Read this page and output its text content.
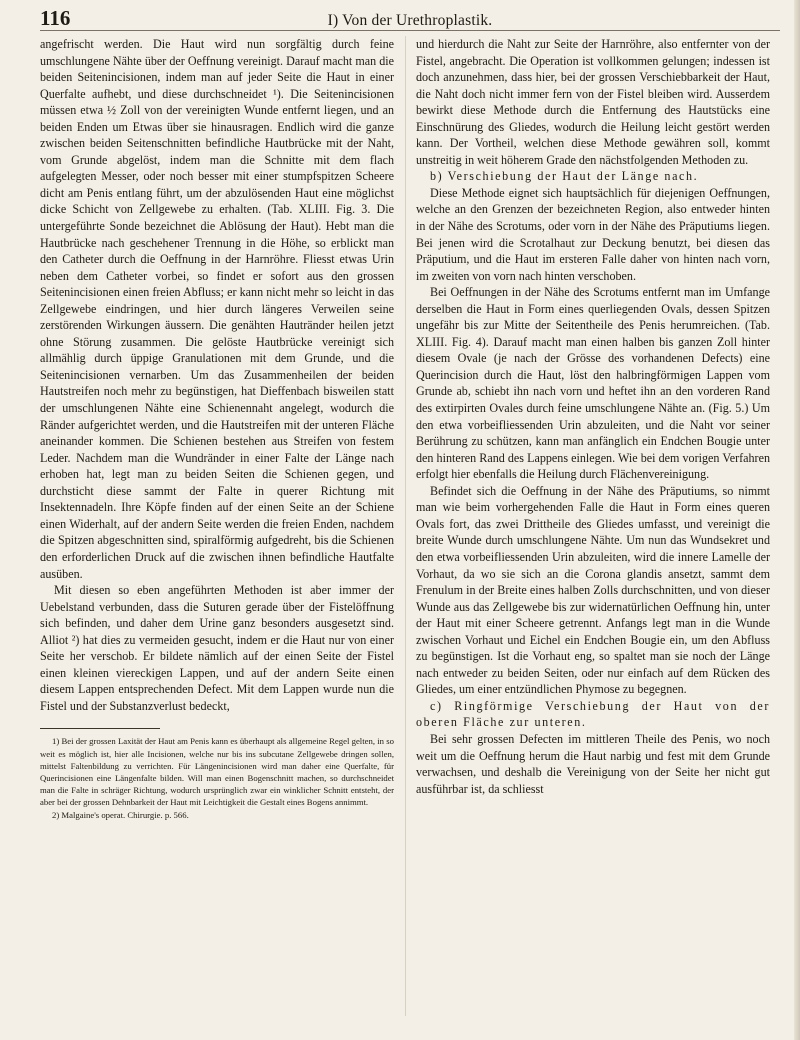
116	I) Von der Urethroplastik.

angefrischt werden. Die Haut wird nun sorgfältig durch feine umschlungene Nähte über der Oeffnung vereinigt. Darauf macht man die beiden Seitenincisionen, indem man auf jeder Seite die Haut in einer Querfalte aufhebt, und diese durchschneidet ¹). Die Seitenincisionen müssen etwa ½ Zoll von der vereinigten Wunde entfernt liegen, und an beiden Enden um Etwas über sie hinausragen. Endlich wird die ganze zwischen beiden Seitenschnitten befindliche Hautbrücke mit der Naht, vom Grunde abgelöst, indem man die Schnitte mit dem flach aufgelegten Messer, oder noch besser mit einer stumpfspitzen Scheere dicht am Penis entlang führt, um der abzulösenden Haut eine möglichst dicke Schicht von Zellgewebe zu erhalten. (Tab. XLIII. Fig. 3. Die untergeführte Sonde bezeichnet die Ablösung der Haut). Hebt man die Hautbrücke nach geschehener Trennung in die Höhe, so erblickt man den Catheter durch die Oeffnung in der Harnröhre. Fliesst etwas Urin neben dem Catheter vorbei, so findet er sofort aus den grossen Seitenincisionen einen freien Abfluss; er kann nicht mehr so leicht in das Zellgewebe eindringen, und hier durch längeres Verweilen seine zerstörenden Wirkungen äussern. Die genähten Hautränder heilen jetzt ohne Störung zusammen. Die gelöste Hautbrücke vereinigt sich allmählig durch üppige Granulationen mit dem Grunde, und die Seitenincisionen vernarben. Um das Zusammenheilen der beiden Hautstreifen noch mehr zu begünstigen, hat Dieffenbach bisweilen statt der umschlungenen Nähte eine Schienennaht angelegt, wodurch die Ränder aufgerichtet werden, und die Hautstreifen mit der unteren Fläche aneinander kommen. Die Schienen bestehen aus Streifen von festem Leder. Nachdem man die Wundränder in einer Falte der Länge nach erhoben hat, legt man zu beiden Seiten die Schienen gegen, und durchsticht diese sammt der Falte in querer Richtung mit Insektennadeln. Ihre Köpfe finden auf der einen Seite an der Schiene einen Widerhalt, auf der andern Seite werden die freien Enden, nachdem die Spitzen abgeschnitten sind, spiralförmig aufgedreht, bis die Schienen den erforderlichen Druck auf die zwischen ihnen befindliche Hautfalte ausüben.

Mit diesen so eben angeführten Methoden ist aber immer der Uebelstand verbunden, dass die Suturen gerade über der Fistelöffnung sich befinden, und daher dem Urine ganz besonders ausgesetzt sind. Alliot ²) hat dies zu vermeiden gesucht, indem er die Haut nur von einer Seite her verschob. Er bildete nämlich auf der einen Seite der Fistel einen kleinen viereckigen Lappen, und auf der andern Seite einen diesem Lappen entsprechenden Defect. Mit dem Lappen wurde nun die Fistel und der Substanzverlust bedeckt,

1) Bei der grossen Laxität der Haut am Penis kann es überhaupt als allgemeine Regel gelten, in so weit es möglich ist, hier alle Incisionen, welche nur bis ins subcutane Zellgewebe dringen sollen, mittelst Faltenbildung zu verrichten. Für Längenincisionen wird man daher eine Querfalte, für Querincisionen eine Längenfalte bilden. Will man einen Bogenschnitt machen, so durchschneidet man die Falte in schräger Richtung, wodurch ursprünglich zwar ein winklicher Schnitt entsteht, der aber bei der grossen Dehnbarkeit der Haut mit Leichtigkeit die Gestalt eines Bogens annimmt.

2) Malgaine's operat. Chirurgie. p. 566.

und hierdurch die Naht zur Seite der Harnröhre, also entfernter von der Fistel, angebracht. Die Operation ist vollkommen gelungen; indessen ist doch anzunehmen, dass hier, bei der grossen Verschiebbarkeit der Haut, die Naht doch nicht immer fern von der Fistel bleiben wird. Ausserdem bewirkt diese Methode durch die Entfernung des Hautstücks eine Einschnürung des Gliedes, wodurch die Heilung leicht gestört werden kann. Der Vortheil, welchen diese Methode gewähren soll, kommt unstreitig in weit höherem Grade den nächstfolgenden Methoden zu.

b) Verschiebung der Haut der Länge nach.

Diese Methode eignet sich hauptsächlich für diejenigen Oeffnungen, welche an den Grenzen der bezeichneten Region, also entweder hinten in der Nähe des Scrotums, oder vorn in der Nähe des Präputiums liegen. Bei jenen wird die Scrotalhaut zur Deckung benutzt, bei diesen das Präputium, und die Haut im ersteren Falle daher von hinten nach vorn, im zweiten von vorn nach hinten verschoben.

Bei Oeffnungen in der Nähe des Scrotums entfernt man im Umfange derselben die Haut in Form eines querliegenden Ovals, dessen Spitzen ungefähr bis zur Mitte der Seitentheile des Penis herumreichen. (Tab. XLIII. Fig. 4). Darauf macht man einen halben bis ganzen Zoll hinter diesem Ovale (je nach der Grösse des vorhandenen Defects) eine Querincision durch die Haut, löst den halbringförmigen Lappen vom Grunde ab, schiebt ihn nach vorn und heftet ihn an den vorderen Rand des extirpirten Ovales durch feine umschlungene Nähte an. (Fig. 5.) Um den etwa vorbeifliessenden Urin abzuleiten, und die Naht vor seiner Berührung zu schützen, kann man anfänglich ein Endchen Bougie unter den hinteren Rand des Lappens einlegen. Wie bei dem vorigen Verfahren erfolgt hier ebenfalls die Heilung durch Flächenvereinigung.

Befindet sich die Oeffnung in der Nähe des Präputiums, so nimmt man wie beim vorhergehenden Falle die Haut in Form eines queren Ovals fort, das zwei Drittheile des Gliedes umfasst, und vereinigt die breite Wunde durch umschlungene Nähte. Um nun das Wundsekret und den etwa vorbeifliessenden Urin abzuleiten, wird die innere Lamelle der Vorhaut, da wo sie sich an die Corona glandis ansetzt, sammt dem Frenulum in der Breite eines halben Zolls durchschnitten, und von dieser Wunde aus das Zellgewebe bis zur widernatürlichen Oeffnung hin, unter der Haut mit einer Scheere getrennt. Anfangs legt man in die Wunde zwischen Vorhaut und Eichel ein Endchen Bougie ein, um den Abfluss zu begünstigen. Ist die Vorhaut eng, so spaltet man sie noch der Länge nach entweder zu beiden Seiten, oder nur einfach auf dem Rücken des Gliedes, um einer entzündlichen Phymose zu begegnen.

c) Ringförmige Verschiebung der Haut von der oberen Fläche zur unteren.

Bei sehr grossen Defecten im mittleren Theile des Penis, wo noch weit um die Oeffnung herum die Haut narbig und fest mit dem Grunde verwachsen, und deshalb die Vereinigung von der Seite her nicht gut ausführbar ist, da schliesst
